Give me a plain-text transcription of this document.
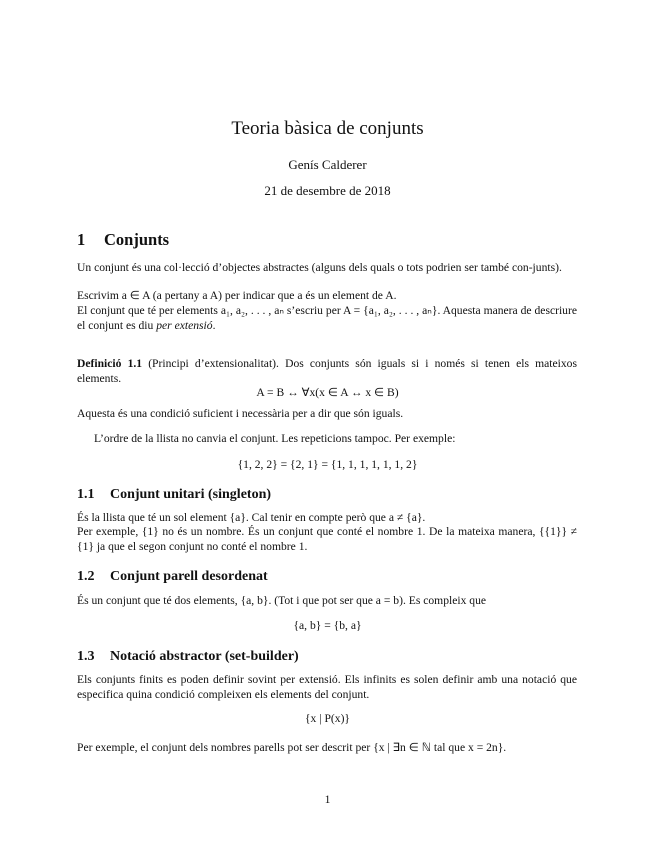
Teoria bàsica de conjunts
Genís Calderer
21 de desembre de 2018
1 Conjunts
Un conjunt és una col·lecció d’objectes abstractes (alguns dels quals o tots podrien ser també con-junts).
Escrivim a ∈ A (a pertany a A) per indicar que a és un element de A.
El conjunt que té per elements a₁, a₂, . . . , aₙ s’escriu per A = {a₁, a₂, . . . , aₙ}. Aquesta manera de descriure el conjunt es diu per extensió.
Definició 1.1 (Principi d’extensionalitat). Dos conjunts són iguals si i només si tenen els mateixos elements.
A = B ↔ ∀x(x ∈ A ↔ x ∈ B)
Aquesta és una condició suficient i necessària per a dir que són iguals.
L’ordre de la llista no canvia el conjunt. Les repeticions tampoc. Per exemple:
{1, 2, 2} = {2, 1} = {1, 1, 1, 1, 1, 1, 2}
1.1 Conjunt unitari (singleton)
És la llista que té un sol element {a}. Cal tenir en compte però que a ≠ {a}.
Per exemple, {1} no és un nombre. És un conjunt que conté el nombre 1. De la mateixa manera, {{1}} ≠ {1} ja que el segon conjunt no conté el nombre 1.
1.2 Conjunt parell desordenat
És un conjunt que té dos elements, {a, b}. (Tot i que pot ser que a = b). Es compleix que
{a, b} = {b, a}
1.3 Notació abstractor (set-builder)
Els conjunts finits es poden definir sovint per extensió. Els infinits es solen definir amb una notació que especifica quina condició compleixen els elements del conjunt.
{x | P(x)}
Per exemple, el conjunt dels nombres parells pot ser descrit per {x | ∃n ∈ ℕ tal que x = 2n}.
1
